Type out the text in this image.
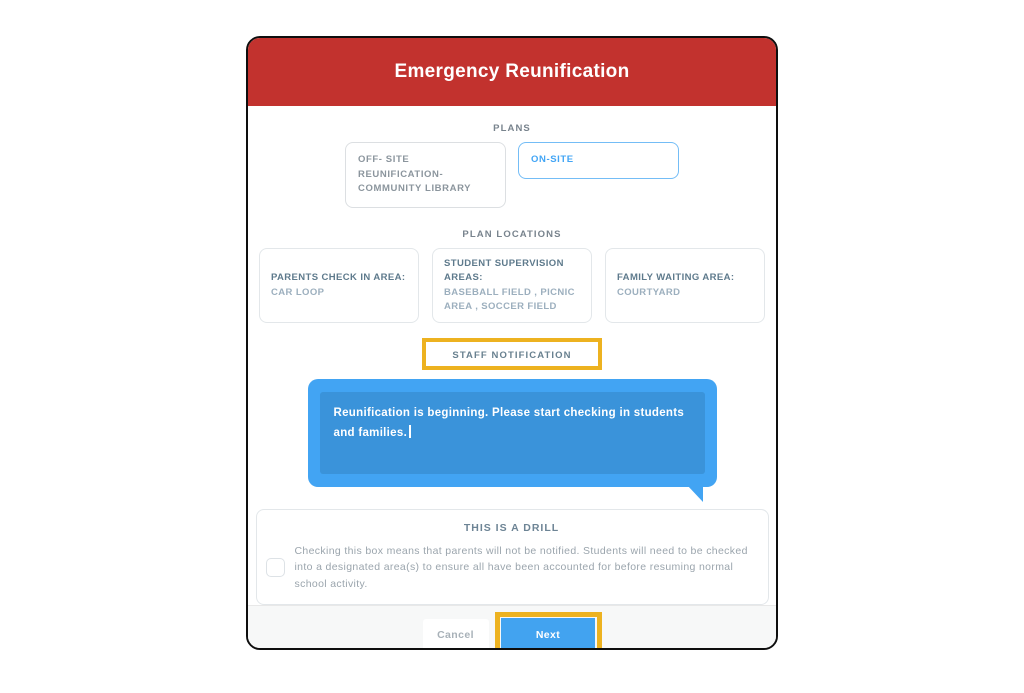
Emergency Reunification
PLANS
OFF- SITE REUNIFICATION- COMMUNITY LIBRARY
ON-SITE
PLAN LOCATIONS
PARENTS CHECK IN AREA:
CAR LOOP
STUDENT SUPERVISION AREAS:
BASEBALL FIELD , PICNIC AREA , SOCCER FIELD
FAMILY WAITING AREA:
COURTYARD
STAFF NOTIFICATION
Reunification is beginning. Please start checking in students and families.
THIS IS A DRILL

Checking this box means that parents will not be notified. Students will need to be checked into a designated area(s) to ensure all have been accounted for before resuming normal school activity.

Cancel	Next
